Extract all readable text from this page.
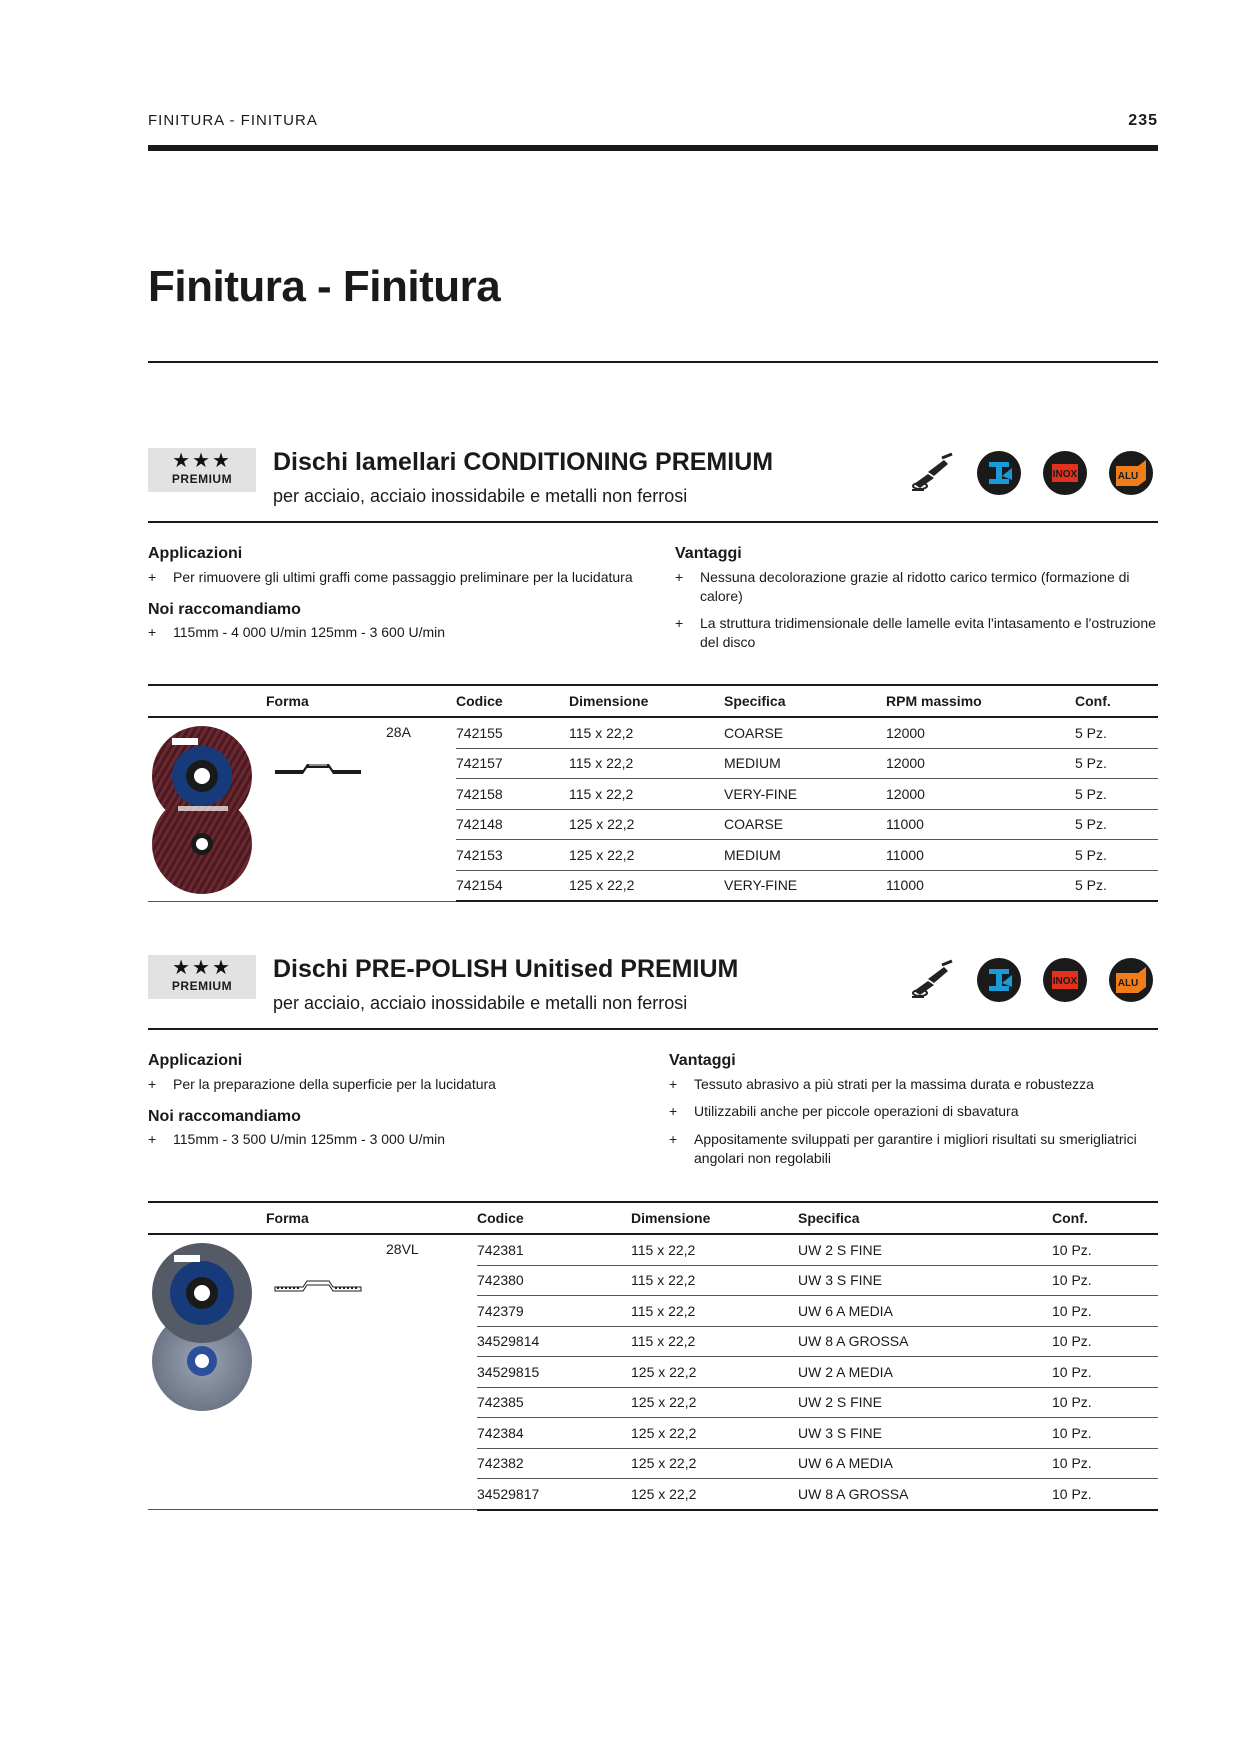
FINITURA - FINITURA	235
Finitura - Finitura
★★★
PREMIUM
Dischi lamellari CONDITIONING PREMIUM
per acciaio, acciaio inossidabile e metalli non ferrosi
INOX	ALU
Applicazioni
+ Per rimuovere gli ultimi graffi come passaggio preliminare per la lucidatura
Noi raccomandiamo
+ 115mm - 4 000 U/min 125mm - 3 600 U/min
Vantaggi
+ Nessuna decolorazione grazie al ridotto carico termico (formazione di calore)
+ La struttura tridimensionale delle lamelle evita l'intasamento e l'ostruzione del disco
Forma	Codice	Dimensione	Specifica	RPM massimo	Conf.

28A	742155	115 x 22,2	COARSE	12000	5 Pz.
	742157	115 x 22,2	MEDIUM	12000	5 Pz.
	742158	115 x 22,2	VERY-FINE	12000	5 Pz.
	742148	125 x 22,2	COARSE	11000	5 Pz.
	742153	125 x 22,2	MEDIUM	11000	5 Pz.
	742154	125 x 22,2	VERY-FINE	11000	5 Pz.
★★★
PREMIUM
Dischi PRE-POLISH Unitised PREMIUM
per acciaio, acciaio inossidabile e metalli non ferrosi
INOX	ALU
Applicazioni
+ Per la preparazione della superficie per la lucidatura
Noi raccomandiamo
+ 115mm - 3 500 U/min 125mm - 3 000 U/min
Vantaggi
+ Tessuto abrasivo a più strati per la massima durata e robustezza
+ Utilizzabili anche per piccole operazioni di sbavatura
+ Appositamente sviluppati per garantire i migliori risultati su smerigliatrici angolari non regolabili
Forma	Codice	Dimensione	Specifica	Conf.

28VL	742381	115 x 22,2	UW 2 S FINE	10 Pz.
	742380	115 x 22,2	UW 3 S FINE	10 Pz.
	742379	115 x 22,2	UW 6 A MEDIA	10 Pz.
	34529814	115 x 22,2	UW 8 A GROSSA	10 Pz.
	34529815	125 x 22,2	UW 2 A MEDIA	10 Pz.
	742385	125 x 22,2	UW 2 S FINE	10 Pz.
	742384	125 x 22,2	UW 3 S FINE	10 Pz.
	742382	125 x 22,2	UW 6 A MEDIA	10 Pz.
	34529817	125 x 22,2	UW 8 A GROSSA	10 Pz.
